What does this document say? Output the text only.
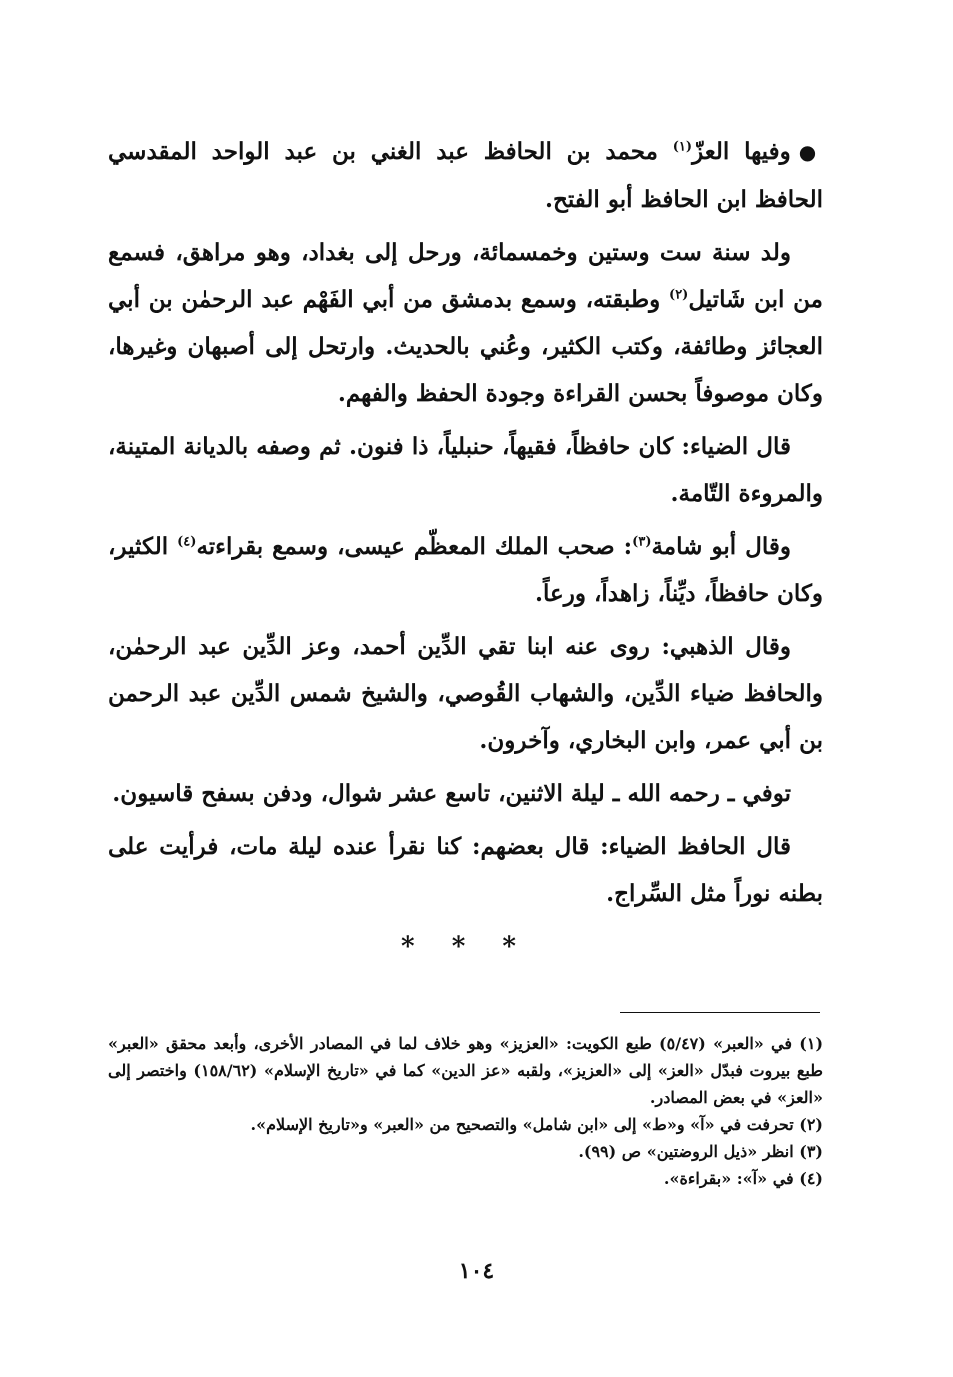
●وفيها العزّ$^{(١)}$ محمد بن الحافظ عبد الغني بن عبد الواحد المقدسي الحافظ ابن الحافظ أبو الفتح.

ولد سنة ست وستين وخمسمائة، ورحل إلى بغداد، وهو مراهق، فسمع من ابن شَاتيل$^{(٢)}$ وطبقته، وسمع بدمشق من أبي الفَهْم عبد الرحمٰن بن أبي العجائز وطائفة، وكتب الكثير، وعُني بالحديث. وارتحل إلى أصبهان وغيرها، وكان موصوفاً بحسن القراءة وجودة الحفظ والفهم.

قال الضياء: كان حافظاً، فقيهاً، حنبلياً، ذا فنون. ثم وصفه بالديانة المتينة، والمروءة التّامة.

وقال أبو شامة$^{(٣)}$: صحب الملك المعظّم عيسى، وسمع بقراءته$^{(٤)}$ الكثير، وكان حافظاً، ديِّناً، زاهداً، ورعاً.

وقال الذهبي: روى عنه ابنا تقي الدِّين أحمد، وعز الدِّين عبد الرحمٰن، والحافظ ضياء الدِّين، والشهاب القُوصي، والشيخ شمس الدِّين عبد الرحمن بن أبي عمر، وابن البخاري، وآخرون.

توفي ـ رحمه الله ـ ليلة الاثنين، تاسع عشر شوال، ودفن بسفح قاسيون.

قال الحافظ الضياء: قال بعضهم: كنا نقرأ عنده ليلة مات، فرأيت على بطنه نوراً مثل السِّراج.

* * *

(١) في «العبر» (٥/٤٧) طبع الكويت: «العزيز» وهو خلاف لما في المصادر الأخرى، وأبعد محقق «العبر» طبع بيروت فبدّل «العز» إلى «العزيز»، ولقبه «عز الدين» كما في «تاريخ الإسلام» (١٥٨/٦٢) واختصر إلى «العز» في بعض المصادر.

(٢) تحرفت في «آ» و«ط» إلى «ابن شامل» والتصحيح من «العبر» و«تاريخ الإسلام».

(٣) انظر «ذيل الروضتين» ص (٩٩).

(٤) في «آ»: «بقراءة».

١٠٤
